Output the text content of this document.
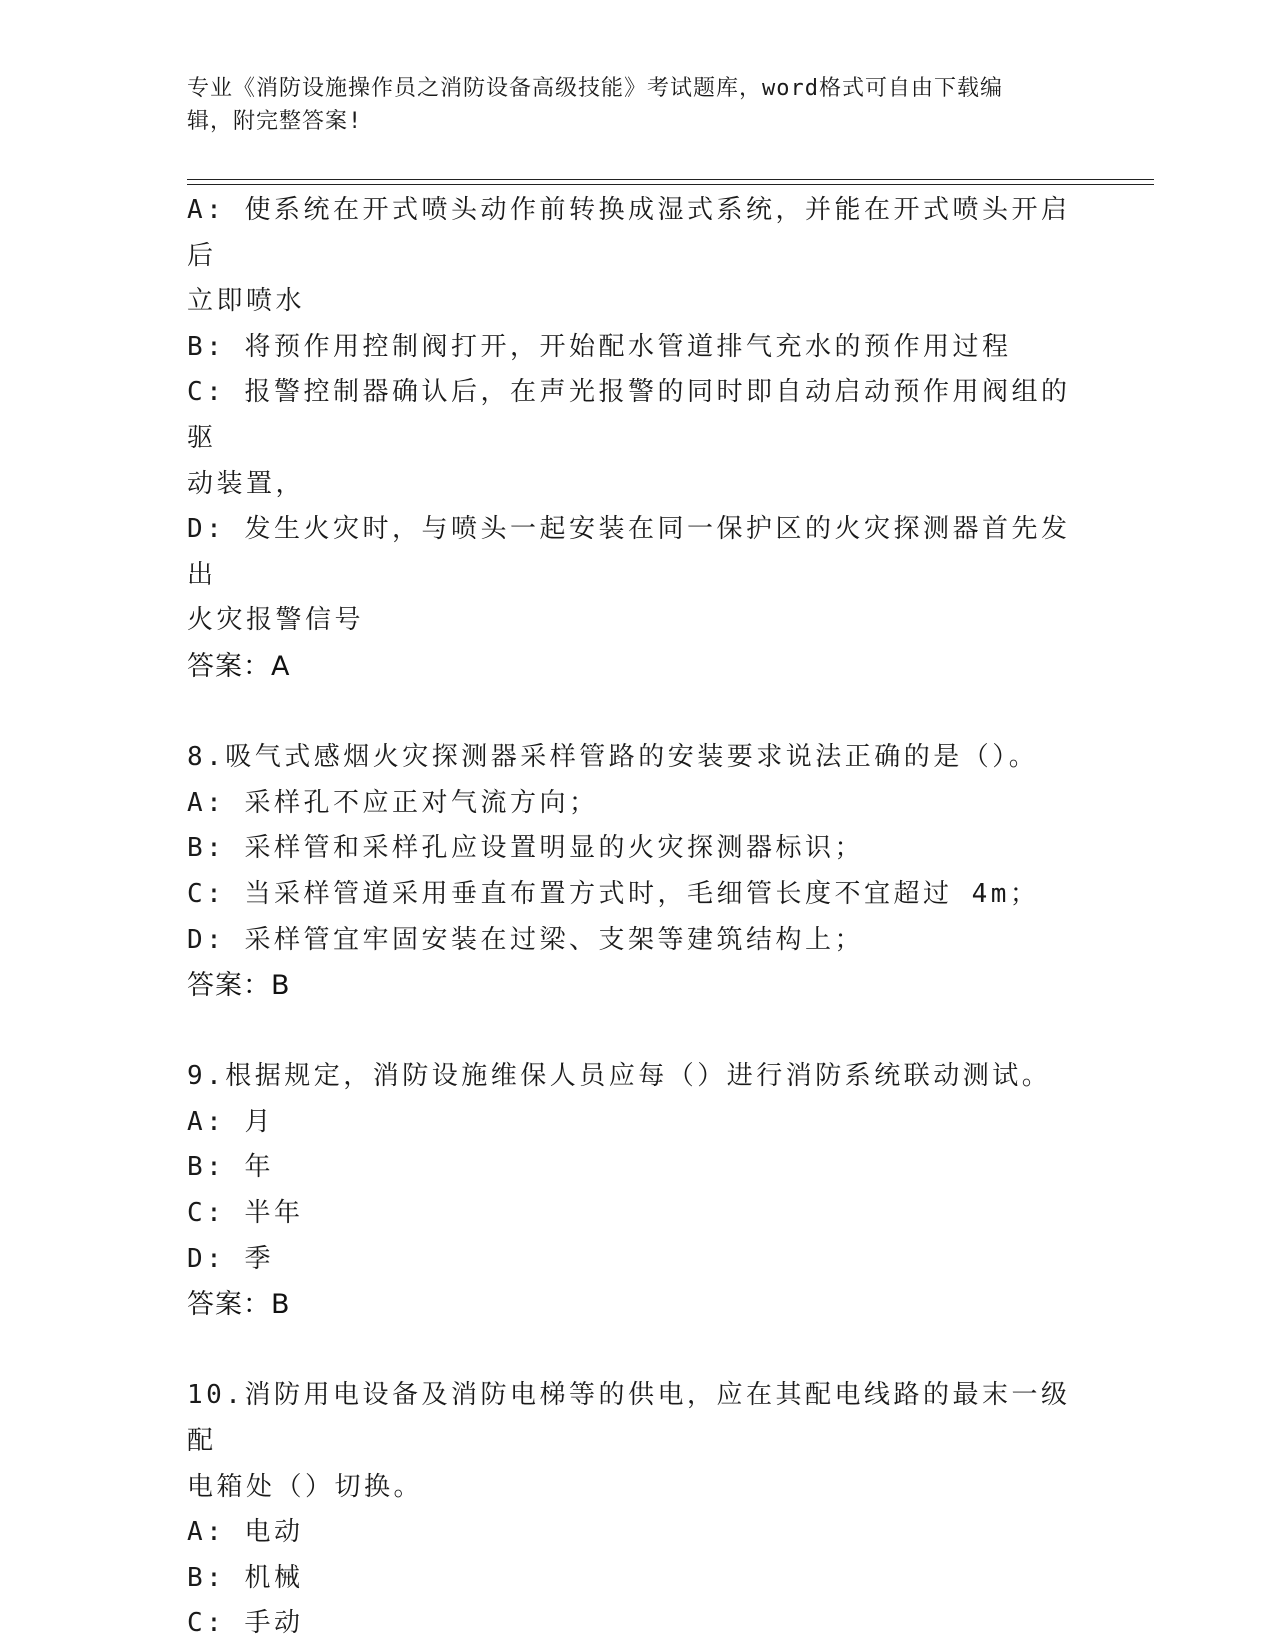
专业《消防设施操作员之消防设备高级技能》考试题库，word格式可自由下载编
辑，附完整答案!
A: 使系统在开式喷头动作前转换成湿式系统，并能在开式喷头开启后
立即喷水
B: 将预作用控制阀打开，开始配水管道排气充水的预作用过程
C: 报警控制器确认后，在声光报警的同时即自动启动预作用阀组的驱
动装置，
D: 发生火灾时，与喷头一起安装在同一保护区的火灾探测器首先发出
火灾报警信号
答案：A
8.吸气式感烟火灾探测器采样管路的安装要求说法正确的是（）。
A: 采样孔不应正对气流方向；
B: 采样管和采样孔应设置明显的火灾探测器标识；
C: 当采样管道采用垂直布置方式时，毛细管长度不宜超过 4m；
D: 采样管宜牢固安装在过梁、支架等建筑结构上；
答案：B
9.根据规定，消防设施维保人员应每（）进行消防系统联动测试。
A: 月
B: 年
C: 半年
D: 季
答案：B
10.消防用电设备及消防电梯等的供电，应在其配电线路的最末一级配
电箱处（）切换。
A: 电动
B: 机械
C: 手动
